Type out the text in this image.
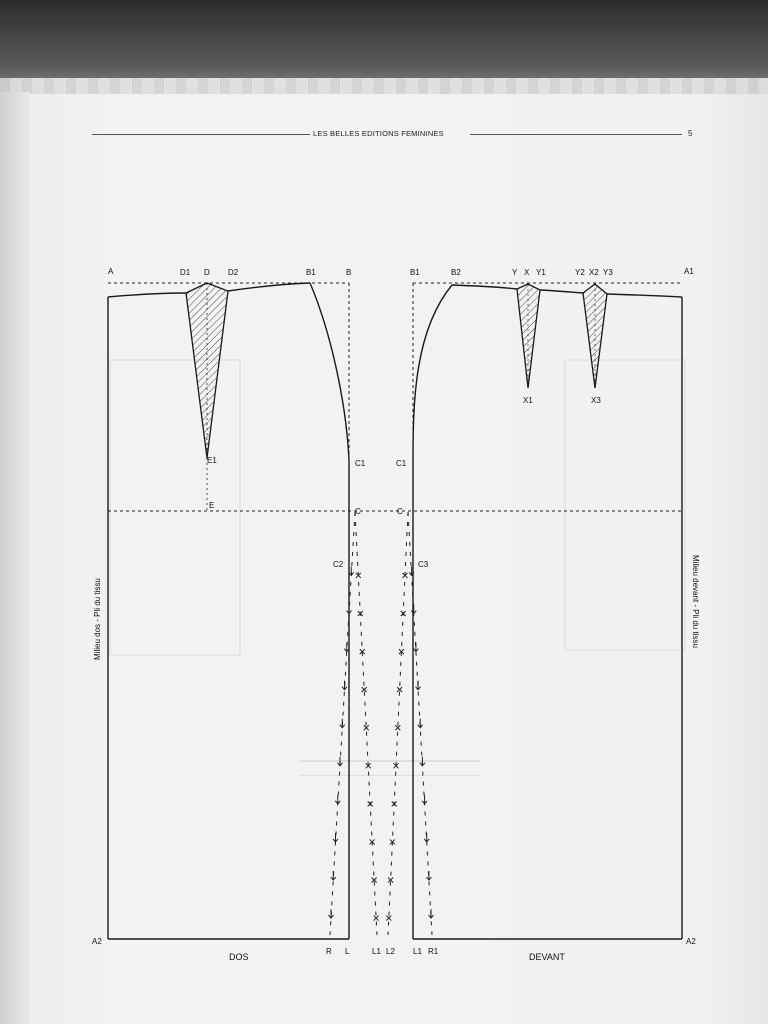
LES BELLES EDITIONS FEMININES	5
A	D1 D D2	B1	B
E1
E
C1
C
C2
A2
R L	L1 L2
B1	B2	Y X Y1	Y2 X2 Y3	A1
X1	X3
C1
C
C3
A2
L1 R1
DOS	DEVANT
Milieu dos - Pli du tissu	Milieu devant - Pli du tissu
